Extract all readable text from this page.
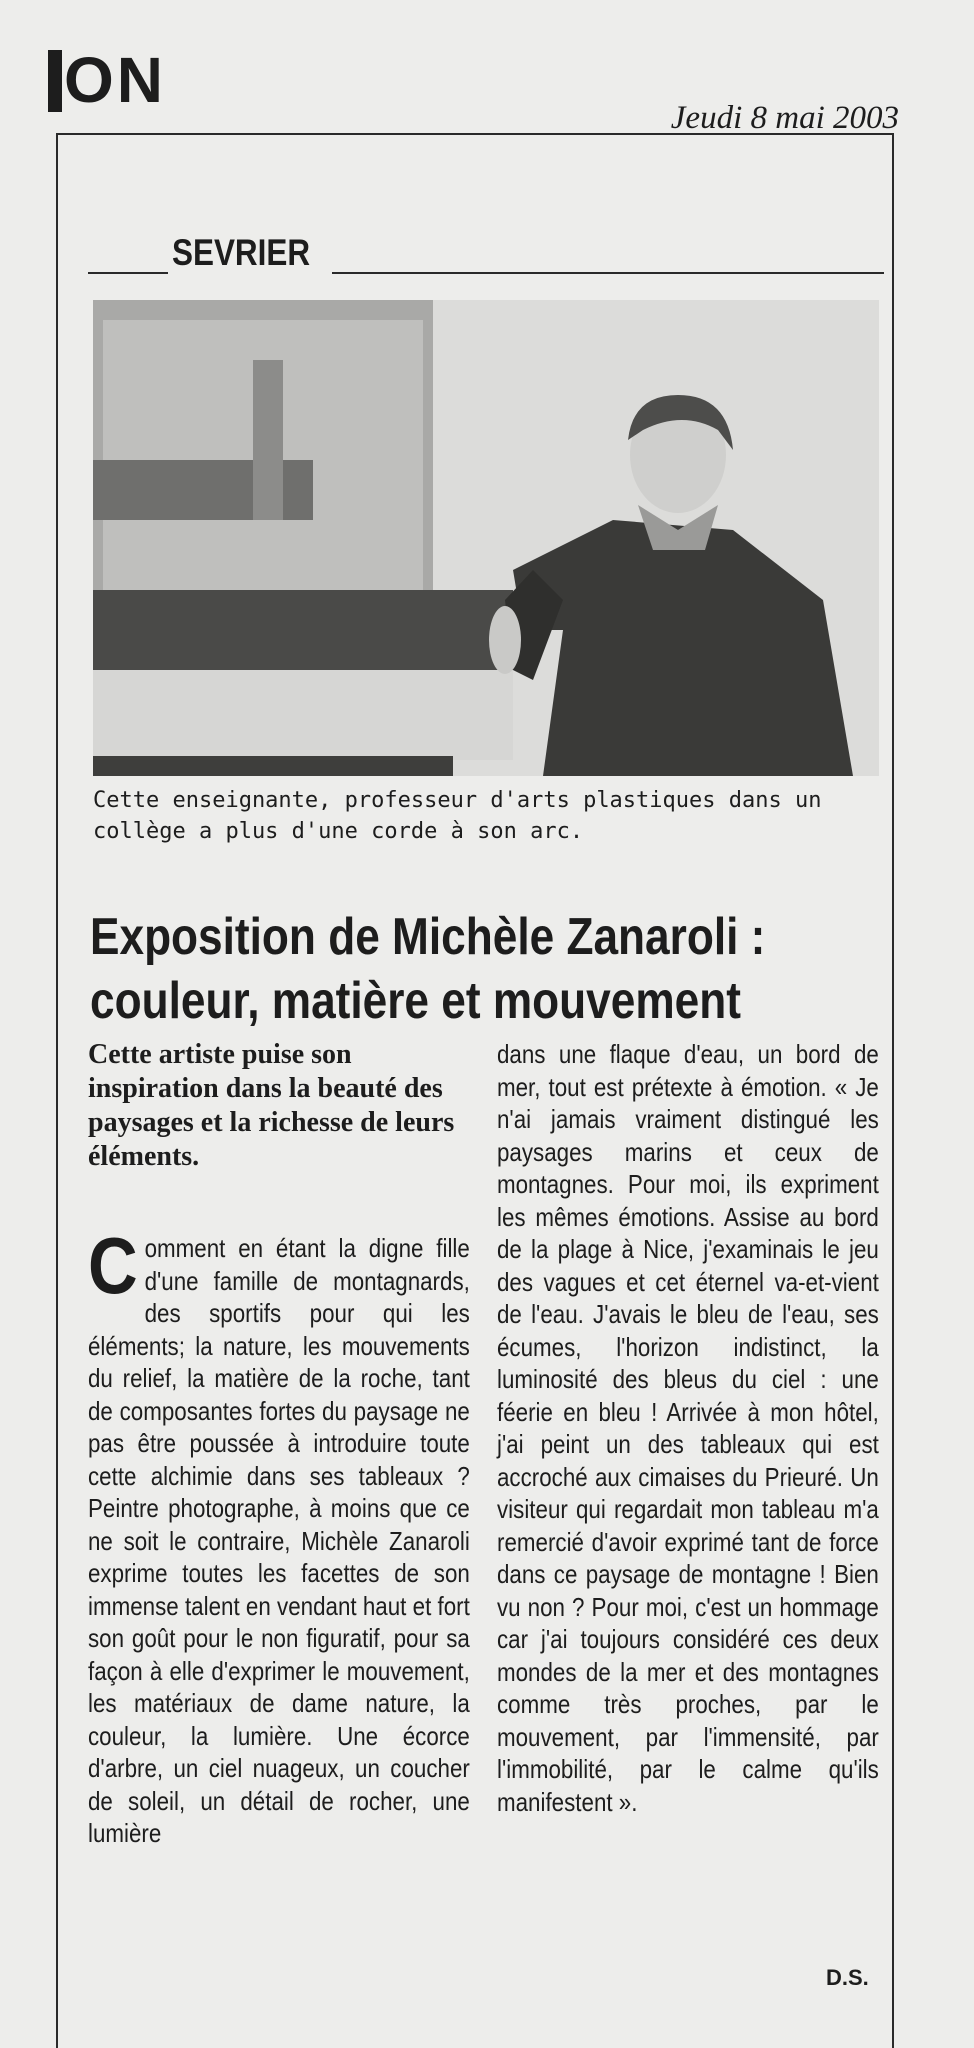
ON
Jeudi 8 mai 2003
SEVRIER
Cette enseignante, professeur d'arts plastiques dans un collège a plus d'une corde à son arc.
Exposition de Michèle Zanaroli :
couleur, matière et mouvement

Cette artiste puise son inspiration dans la beauté des paysages et la richesse de leurs éléments.

Comment en étant la digne fille d'une famille de montagnards, des sportifs pour qui les éléments; la nature, les mouvements du relief, la matière de la roche, tant de composantes fortes du paysage ne pas être poussée à introduire toute cette alchimie dans ses tableaux ? Peintre photographe, à moins que ce ne soit le contraire, Michèle Zanaroli exprime toutes les facettes de son immense talent en vendant haut et fort son goût pour le non figuratif, pour sa façon à elle d'exprimer le mouvement, les matériaux de dame nature, la couleur, la lumière. Une écorce d'arbre, un ciel nuageux, un coucher de soleil, un détail de rocher, une lumière

dans une flaque d'eau, un bord de mer, tout est prétexte à émotion. « Je n'ai jamais vraiment distingué les paysages marins et ceux de montagnes. Pour moi, ils expriment les mêmes émotions. Assise au bord de la plage à Nice, j'examinais le jeu des vagues et cet éternel va-et-vient de l'eau. J'avais le bleu de l'eau, ses écumes, l'horizon indistinct, la luminosité des bleus du ciel : une féerie en bleu ! Arrivée à mon hôtel, j'ai peint un des tableaux qui est accroché aux cimaises du Prieuré. Un visiteur qui regardait mon tableau m'a remercié d'avoir exprimé tant de force dans ce paysage de montagne ! Bien vu non ? Pour moi, c'est un hommage car j'ai toujours considéré ces deux mondes de la mer et des montagnes comme très proches, par le mouvement, par l'immensité, par l'immobilité, par le calme qu'ils manifestent ».

D.S.
